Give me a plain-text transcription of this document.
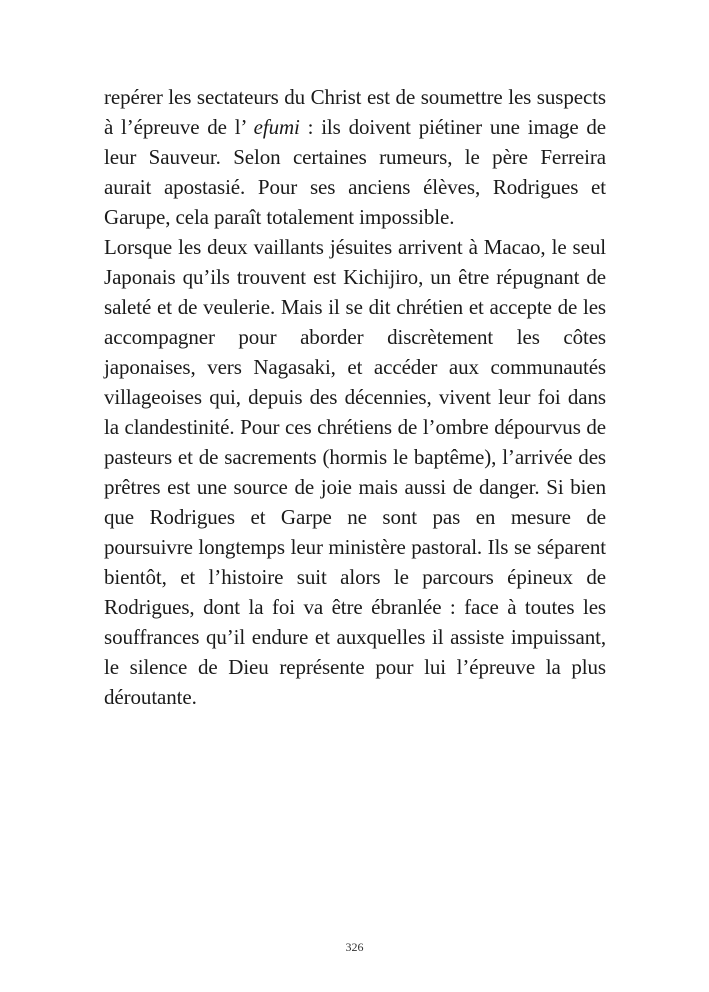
repérer les sectateurs du Christ est de soumettre les suspects à l’épreuve de l’ efumi : ils doivent piétiner une image de leur Sauveur. Selon certaines rumeurs, le père Ferreira aurait apostasié. Pour ses anciens élèves, Rodrigues et Garupe, cela paraît totalement impossible.

Lorsque les deux vaillants jésuites arrivent à Macao, le seul Japonais qu’ils trouvent est Kichijiro, un être répugnant de saleté et de veulerie. Mais il se dit chrétien et accepte de les accompagner pour aborder discrètement les côtes japonaises, vers Nagasaki, et accéder aux communautés villageoises qui, depuis des décennies, vivent leur foi dans la clandestinité. Pour ces chrétiens de l’ombre dépourvus de pasteurs et de sacrements (hormis le baptême), l’arrivée des prêtres est une source de joie mais aussi de danger. Si bien que Rodrigues et Garpe ne sont pas en mesure de poursuivre longtemps leur ministère pastoral. Ils se séparent bientôt, et l’histoire suit alors le parcours épineux de Rodrigues, dont la foi va être ébranlée : face à toutes les souffrances qu’il endure et auxquelles il assiste impuissant, le silence de Dieu représente pour lui l’épreuve la plus déroutante.

326
